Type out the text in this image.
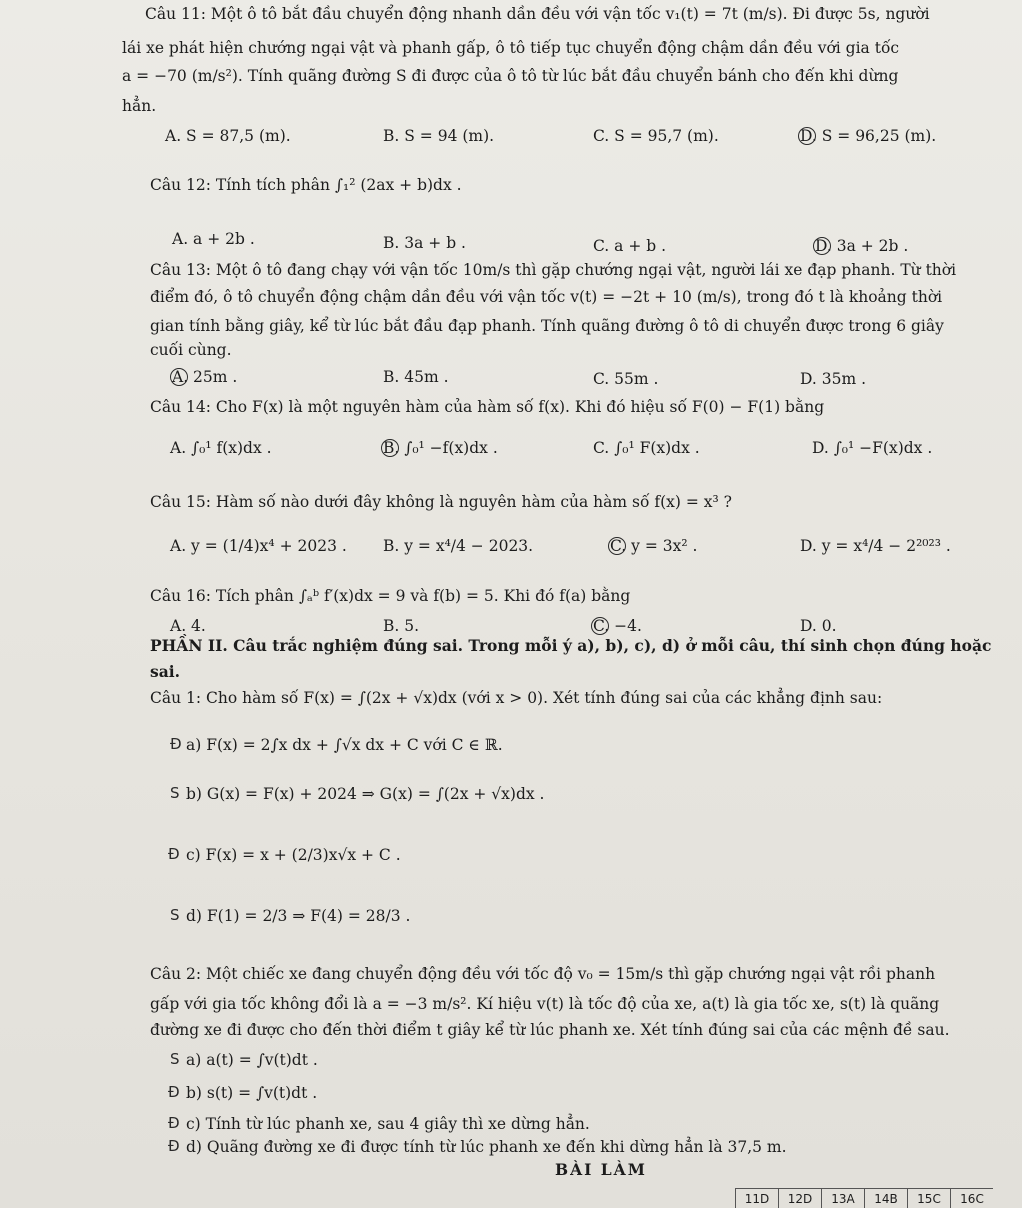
Câu 11: Một ô tô bắt đầu chuyển động nhanh dần đều với vận tốc v₁(t) = 7t (m/s). Đi được 5s, người
lái xe phát hiện chướng ngại vật và phanh gấp, ô tô tiếp tục chuyển động chậm dần đều với gia tốc
a = −70 (m/s²). Tính quãng đường S đi được của ô tô từ lúc bắt đầu chuyển bánh cho đến khi dừng
hẳn.
A. S = 87,5 (m).	B. S = 94 (m).	C. S = 95,7 (m).	D. S = 96,25 (m).
Câu 12: Tính tích phân ∫₁² (2ax + b)dx .
A. a + 2b .	B. 3a + b .	C. a + b .	D. 3a + 2b .
Câu 13: Một ô tô đang chạy với vận tốc 10m/s thì gặp chướng ngại vật, người lái xe đạp phanh. Từ thời
điểm đó, ô tô chuyển động chậm dần đều với vận tốc v(t) = −2t + 10 (m/s), trong đó t là khoảng thời
gian tính bằng giây, kể từ lúc bắt đầu đạp phanh. Tính quãng đường ô tô di chuyển được trong 6 giây
cuối cùng.
A. 25m .	B. 45m .	C. 55m .	D. 35m .
Câu 14: Cho F(x) là một nguyên hàm của hàm số f(x). Khi đó hiệu số F(0) − F(1) bằng
A. ∫₀¹ f(x)dx .	B. ∫₀¹ −f(x)dx .	C. ∫₀¹ F(x)dx .	D. ∫₀¹ −F(x)dx .
Câu 15: Hàm số nào dưới đây không là nguyên hàm của hàm số f(x) = x³ ?
A. y = (1/4)x⁴ + 2023 . B. y = x⁴/4 − 2023.	C. y = 3x² .	D. y = x⁴/4 − 2²⁰²³ .
Câu 16: Tích phân ∫ₐᵇ f′(x)dx = 9 và f(b) = 5. Khi đó f(a) bằng
A. 4.	B. 5.	C. −4.	D. 0.
PHẦN II. Câu trắc nghiệm đúng sai. Trong mỗi ý a), b), c), d) ở mỗi câu, thí sinh chọn đúng hoặc
sai.
Câu 1: Cho hàm số F(x) = ∫(2x + √x)dx (với x > 0). Xét tính đúng sai của các khẳng định sau:
Đ a) F(x) = 2∫x dx + ∫√x dx + C với C ∈ ℝ.
S b) G(x) = F(x) + 2024 ⇒ G(x) = ∫(2x + √x)dx .
Đ c) F(x) = x + (2/3)x√x + C .
S d) F(1) = 2/3 ⇒ F(4) = 28/3 .
Câu 2: Một chiếc xe đang chuyển động đều với tốc độ v₀ = 15m/s thì gặp chướng ngại vật rồi phanh
gấp với gia tốc không đổi là a = −3 m/s². Kí hiệu v(t) là tốc độ của xe, a(t) là gia tốc xe, s(t) là quãng
đường xe đi được cho đến thời điểm t giây kể từ lúc phanh xe. Xét tính đúng sai của các mệnh đề sau.
S a) a(t) = ∫v(t)dt .
Đ b) s(t) = ∫v(t)dt .
Đ c) Tính từ lúc phanh xe, sau 4 giây thì xe dừng hẳn.
Đ d) Quãng đường xe đi được tính từ lúc phanh xe đến khi dừng hẳn là 37,5 m.
BÀI LÀM
11D	12D	13A	14B	15C	16C
